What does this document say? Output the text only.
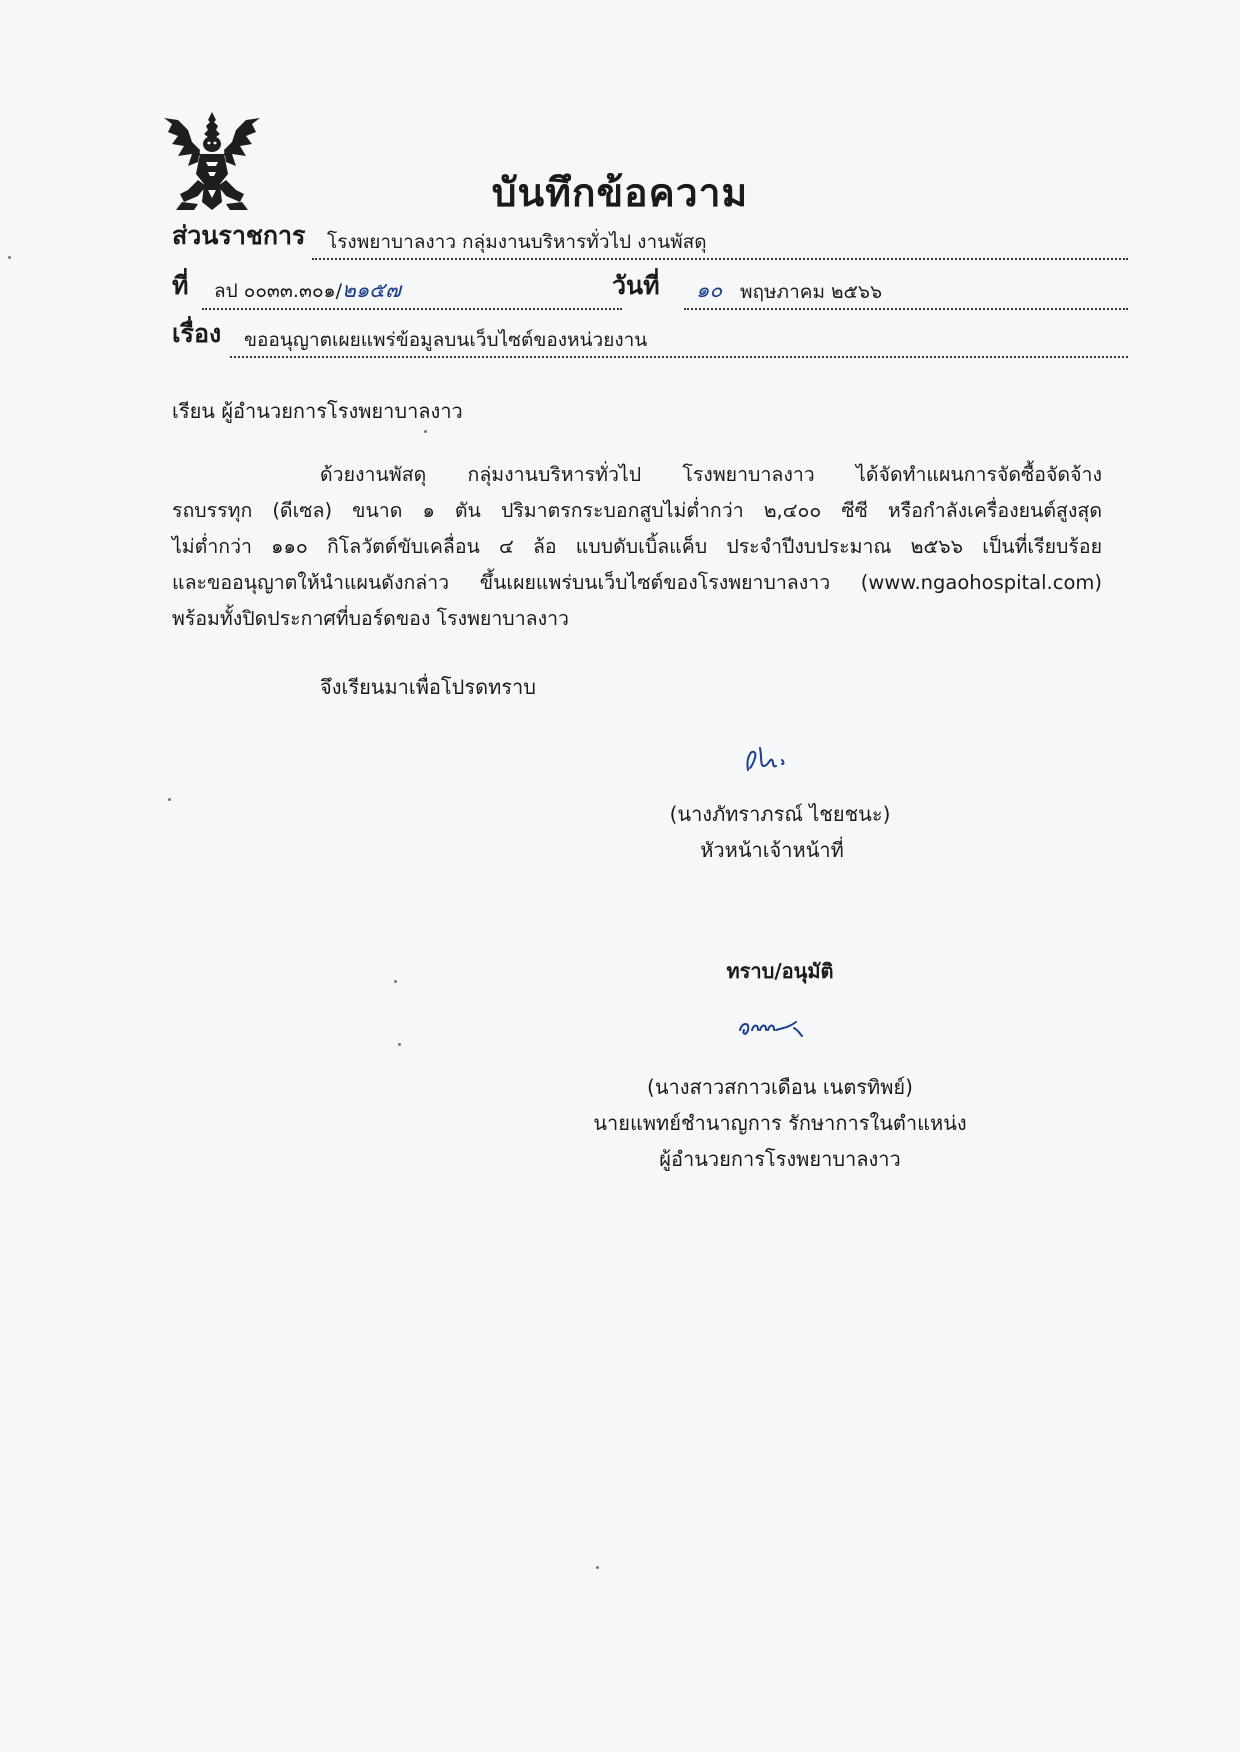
บันทึกข้อความ
ส่วนราชการ โรงพยาบาลงาว กลุ่มงานบริหารทั่วไป งานพัสดุ
ที่ ลป ๐๐๓๓.๓๐๑/๒๑๕๗	วันที่ ๑๐ พฤษภาคม ๒๕๖๖
เรื่อง ขออนุญาตเผยแพร่ข้อมูลบนเว็บไซต์ของหน่วยงาน
เรียน ผู้อำนวยการโรงพยาบาลงาว
ด้วยงานพัสดุ กลุ่มงานบริหารทั่วไป โรงพยาบาลงาว ได้จัดทำแผนการจัดซื้อจัดจ้าง
รถบรรทุก (ดีเซล) ขนาด ๑ ตัน ปริมาตรกระบอกสูบไม่ต่ำกว่า ๒,๔๐๐ ซีซี หรือกำลังเครื่องยนต์สูงสุด
ไม่ต่ำกว่า ๑๑๐ กิโลวัตต์ขับเคลื่อน ๔ ล้อ แบบดับเบิ้ลแค็บ ประจำปีงบประมาณ ๒๕๖๖ เป็นที่เรียบร้อย
และขออนุญาตให้นำแผนดังกล่าว ขึ้นเผยแพร่บนเว็บไซต์ของโรงพยาบาลงาว (www.ngaohospital.com)
พร้อมทั้งปิดประกาศที่บอร์ดของ โรงพยาบาลงาว
จึงเรียนมาเพื่อโปรดทราบ
(นางภัทราภรณ์ ไชยชนะ)
หัวหน้าเจ้าหน้าที่
ทราบ/อนุมัติ
(นางสาวสกาวเดือน เนตรทิพย์)
นายแพทย์ชำนาญการ รักษาการในตำแหน่ง
ผู้อำนวยการโรงพยาบาลงาว
